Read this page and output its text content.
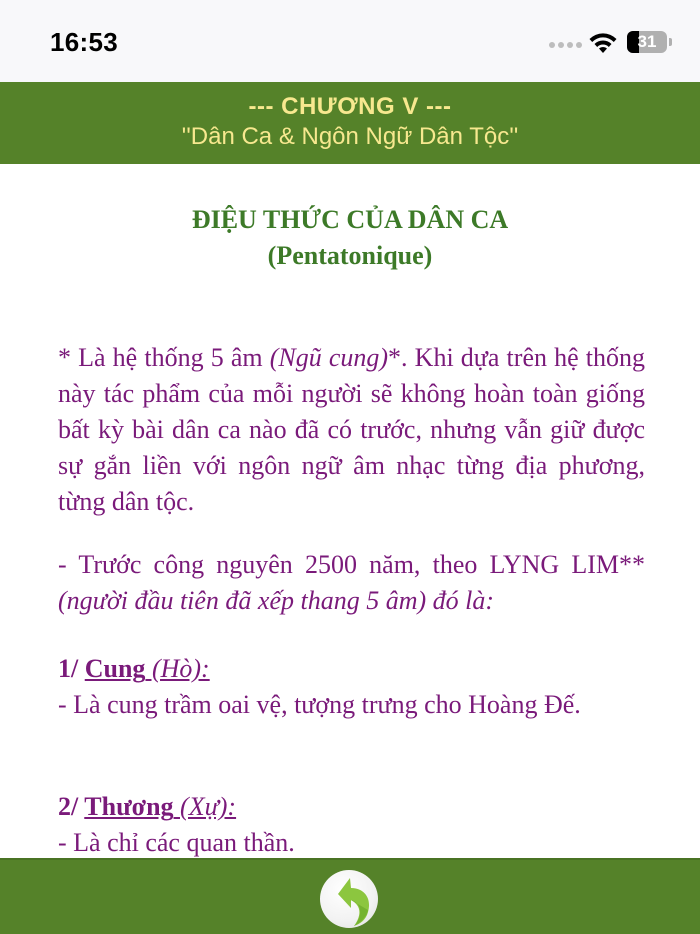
16:53	31
--- CHƯƠNG V ---
''Dân Ca & Ngôn Ngữ Dân Tộc''
ĐIỆU THỨC CỦA DÂN CA
(Pentatonique)
* Là hệ thống 5 âm (Ngũ cung)*. Khi dựa trên hệ thống này tác phẩm của mỗi người sẽ không hoàn toàn giống bất kỳ bài dân ca nào đã có trước, nhưng vẫn giữ được sự gắn liền với ngôn ngữ âm nhạc từng địa phương, từng dân tộc.
- Trước công nguyên 2500 năm, theo LYNG LIM**(người đầu tiên đã xếp thang 5 âm) đó là:
1/ Cung (Hò):
- Là cung trầm oai vệ, tượng trưng cho Hoàng Đế.
2/ Thương (Xự):
- Là chỉ các quan thần.
